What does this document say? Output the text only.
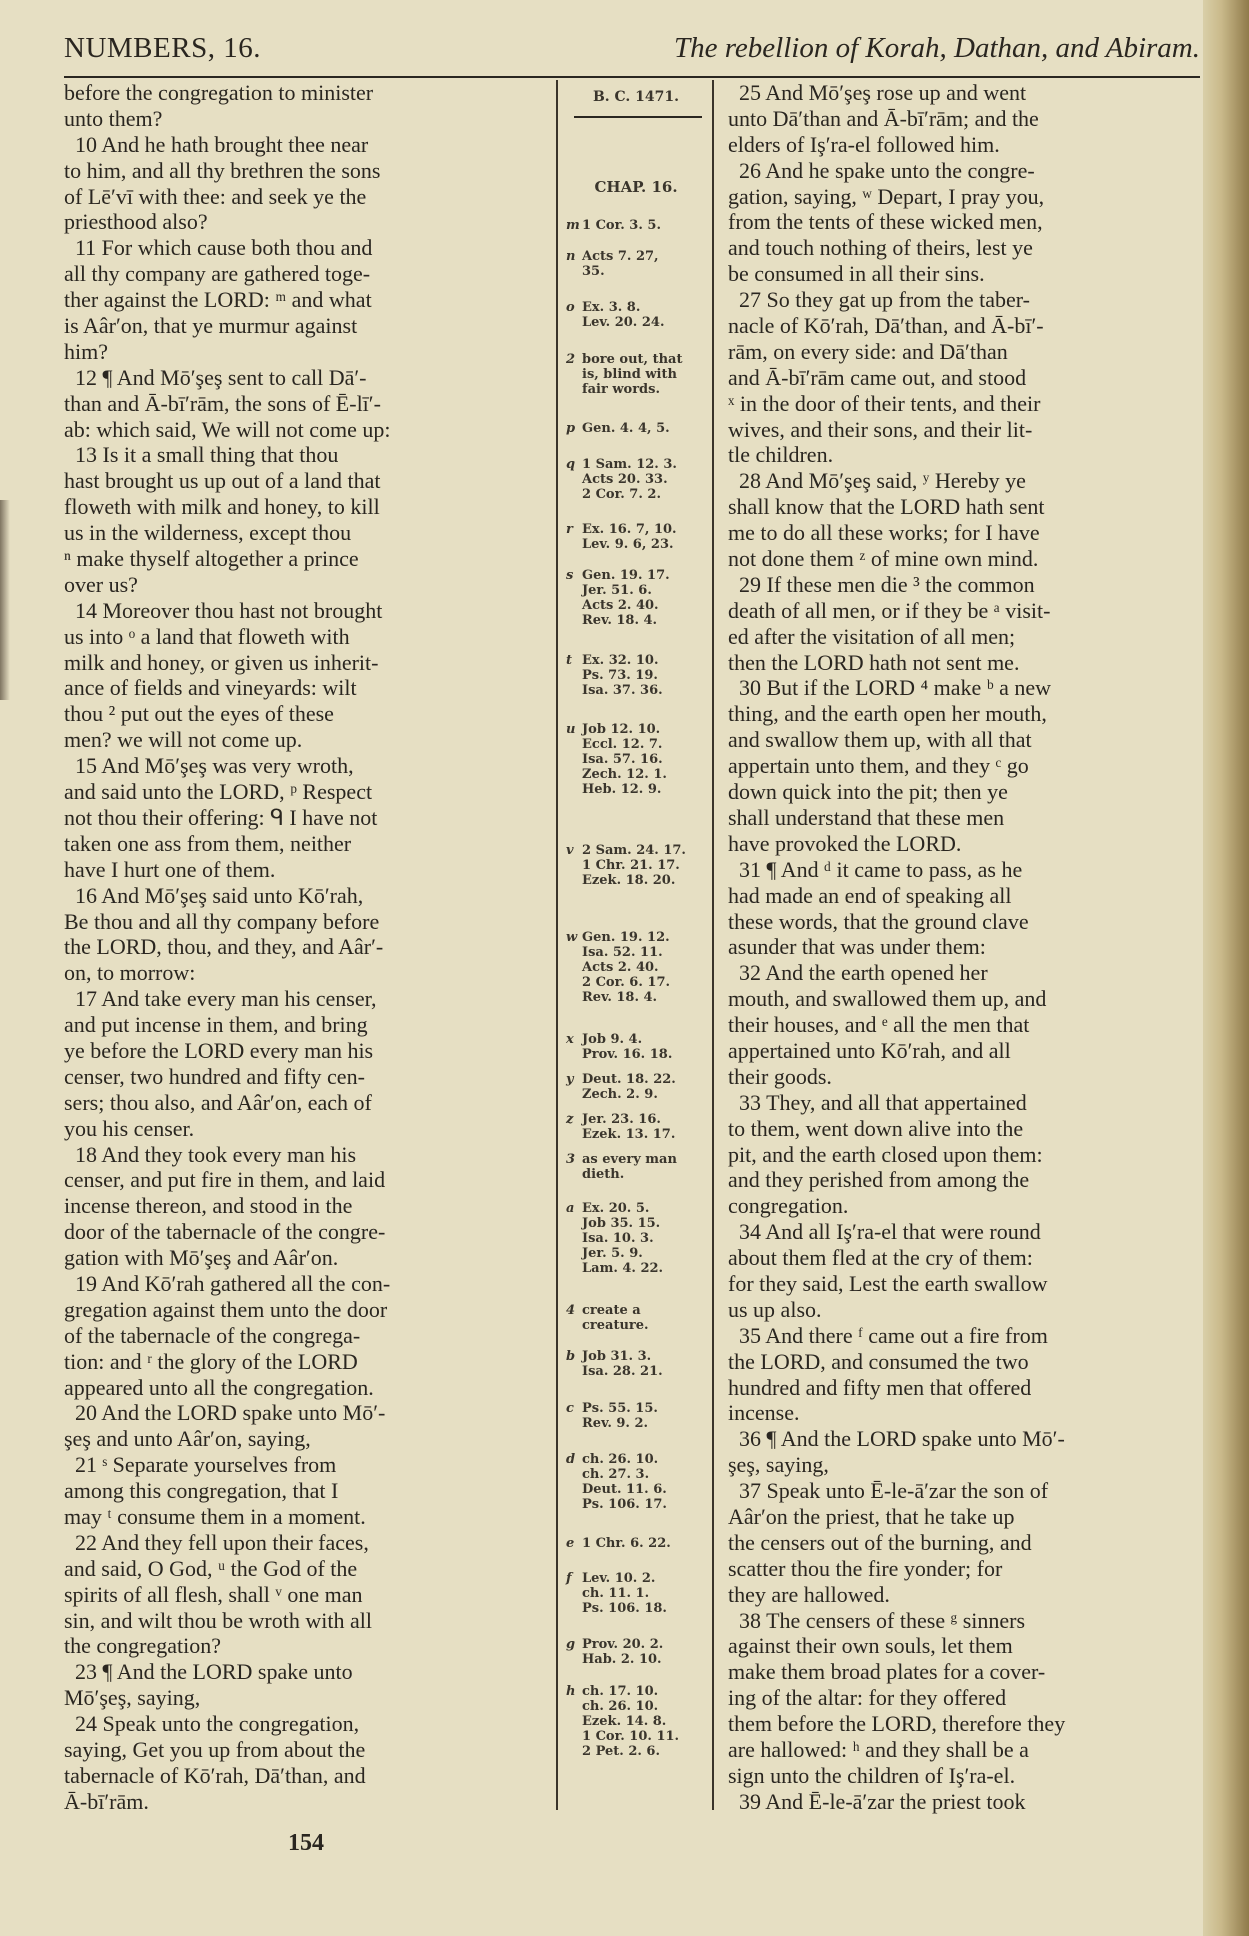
NUMBERS, 16.	The rebellion of Korah, Dathan, and Abiram.
before the congregation to minister
unto them?
10 And he hath brought thee near
to him, and all thy brethren the sons
of Lē′vī with thee: and seek ye the
priesthood also?
11 For which cause both thou and
all thy company are gathered toge-
ther against the LORD: ᵐ and what
is Aâr′on, that ye murmur against
him?
12 ¶ And Mō′şeş sent to call Dā′-
than and Ā-bī′rām, the sons of Ē-lī′-
ab: which said, We will not come up:
13 Is it a small thing that thou
hast brought us up out of a land that
floweth with milk and honey, to kill
us in the wilderness, except thou
ⁿ make thyself altogether a prince
over us?
14 Moreover thou hast not brought
us into ᵒ a land that floweth with
milk and honey, or given us inherit-
ance of fields and vineyards: wilt
thou ² put out the eyes of these
men? we will not come up.
15 And Mō′şeş was very wroth,
and said unto the LORD, ᵖ Respect
not thou their offering: ᑫ I have not
taken one ass from them, neither
have I hurt one of them.
16 And Mō′şeş said unto Kō′rah,
Be thou and all thy company before
the LORD, thou, and they, and Aâr′-
on, to morrow:
17 And take every man his censer,
and put incense in them, and bring
ye before the LORD every man his
censer, two hundred and fifty cen-
sers; thou also, and Aâr′on, each of
you his censer.
18 And they took every man his
censer, and put fire in them, and laid
incense thereon, and stood in the
door of the tabernacle of the congre-
gation with Mō′şeş and Aâr′on.
19 And Kō′rah gathered all the con-
gregation against them unto the door
of the tabernacle of the congrega-
tion: and ʳ the glory of the LORD
appeared unto all the congregation.
20 And the LORD spake unto Mō′-
şeş and unto Aâr′on, saying,
21 ˢ Separate yourselves from
among this congregation, that I
may ᵗ consume them in a moment.
22 And they fell upon their faces,
and said, O God, ᵘ the God of the
spirits of all flesh, shall ᵛ one man
sin, and wilt thou be wroth with all
the congregation?
23 ¶ And the LORD spake unto
Mō′şeş, saying,
24 Speak unto the congregation,
saying, Get you up from about the
tabernacle of Kō′rah, Dā′than, and
Ā-bī′rām.
B. C. 1471.
CHAP. 16.
m 1 Cor. 3. 5.
n Acts 7. 27,
35.
o Ex. 3. 8.
Lev. 20. 24.
2 bore out, that
is, blind with
fair words.
p Gen. 4. 4, 5.
q 1 Sam. 12. 3.
Acts 20. 33.
2 Cor. 7. 2.
r Ex. 16. 7, 10.
Lev. 9. 6, 23.
s Gen. 19. 17.
Jer. 51. 6.
Acts 2. 40.
Rev. 18. 4.
t Ex. 32. 10.
Ps. 73. 19.
Isa. 37. 36.
u Job 12. 10.
Eccl. 12. 7.
Isa. 57. 16.
Zech. 12. 1.
Heb. 12. 9.
v 2 Sam. 24. 17.
1 Chr. 21. 17.
Ezek. 18. 20.
w Gen. 19. 12.
Isa. 52. 11.
Acts 2. 40.
2 Cor. 6. 17.
Rev. 18. 4.
x Job 9. 4.
Prov. 16. 18.
y Deut. 18. 22.
Zech. 2. 9.
z Jer. 23. 16.
Ezek. 13. 17.
3 as every man
dieth.
a Ex. 20. 5.
Job 35. 15.
Isa. 10. 3.
Jer. 5. 9.
Lam. 4. 22.
4 create a
creature.
b Job 31. 3.
Isa. 28. 21.
c Ps. 55. 15.
Rev. 9. 2.
d ch. 26. 10.
ch. 27. 3.
Deut. 11. 6.
Ps. 106. 17.
e 1 Chr. 6. 22.
f Lev. 10. 2.
ch. 11. 1.
Ps. 106. 18.
g Prov. 20. 2.
Hab. 2. 10.
h ch. 17. 10.
ch. 26. 10.
Ezek. 14. 8.
1 Cor. 10. 11.
2 Pet. 2. 6.
25 And Mō′şeş rose up and went
unto Dā′than and Ā-bī′rām; and the
elders of Iş′ra-el followed him.
26 And he spake unto the congre-
gation, saying, ʷ Depart, I pray you,
from the tents of these wicked men,
and touch nothing of theirs, lest ye
be consumed in all their sins.
27 So they gat up from the taber-
nacle of Kō′rah, Dā′than, and Ā-bī′-
rām, on every side: and Dā′than
and Ā-bī′rām came out, and stood
ˣ in the door of their tents, and their
wives, and their sons, and their lit-
tle children.
28 And Mō′şeş said, ʸ Hereby ye
shall know that the LORD hath sent
me to do all these works; for I have
not done them ᶻ of mine own mind.
29 If these men die ³ the common
death of all men, or if they be ᵃ visit-
ed after the visitation of all men;
then the LORD hath not sent me.
30 But if the LORD ⁴ make ᵇ a new
thing, and the earth open her mouth,
and swallow them up, with all that
appertain unto them, and they ᶜ go
down quick into the pit; then ye
shall understand that these men
have provoked the LORD.
31 ¶ And ᵈ it came to pass, as he
had made an end of speaking all
these words, that the ground clave
asunder that was under them:
32 And the earth opened her
mouth, and swallowed them up, and
their houses, and ᵉ all the men that
appertained unto Kō′rah, and all
their goods.
33 They, and all that appertained
to them, went down alive into the
pit, and the earth closed upon them:
and they perished from among the
congregation.
34 And all Iş′ra-el that were round
about them fled at the cry of them:
for they said, Lest the earth swallow
us up also.
35 And there ᶠ came out a fire from
the LORD, and consumed the two
hundred and fifty men that offered
incense.
36 ¶ And the LORD spake unto Mō′-
şeş, saying,
37 Speak unto Ē-le-ā′zar the son of
Aâr′on the priest, that he take up
the censers out of the burning, and
scatter thou the fire yonder; for
they are hallowed.
38 The censers of these ᵍ sinners
against their own souls, let them
make them broad plates for a cover-
ing of the altar: for they offered
them before the LORD, therefore they
are hallowed: ʰ and they shall be a
sign unto the children of Iş′ra-el.
39 And Ē-le-ā′zar the priest took
154
